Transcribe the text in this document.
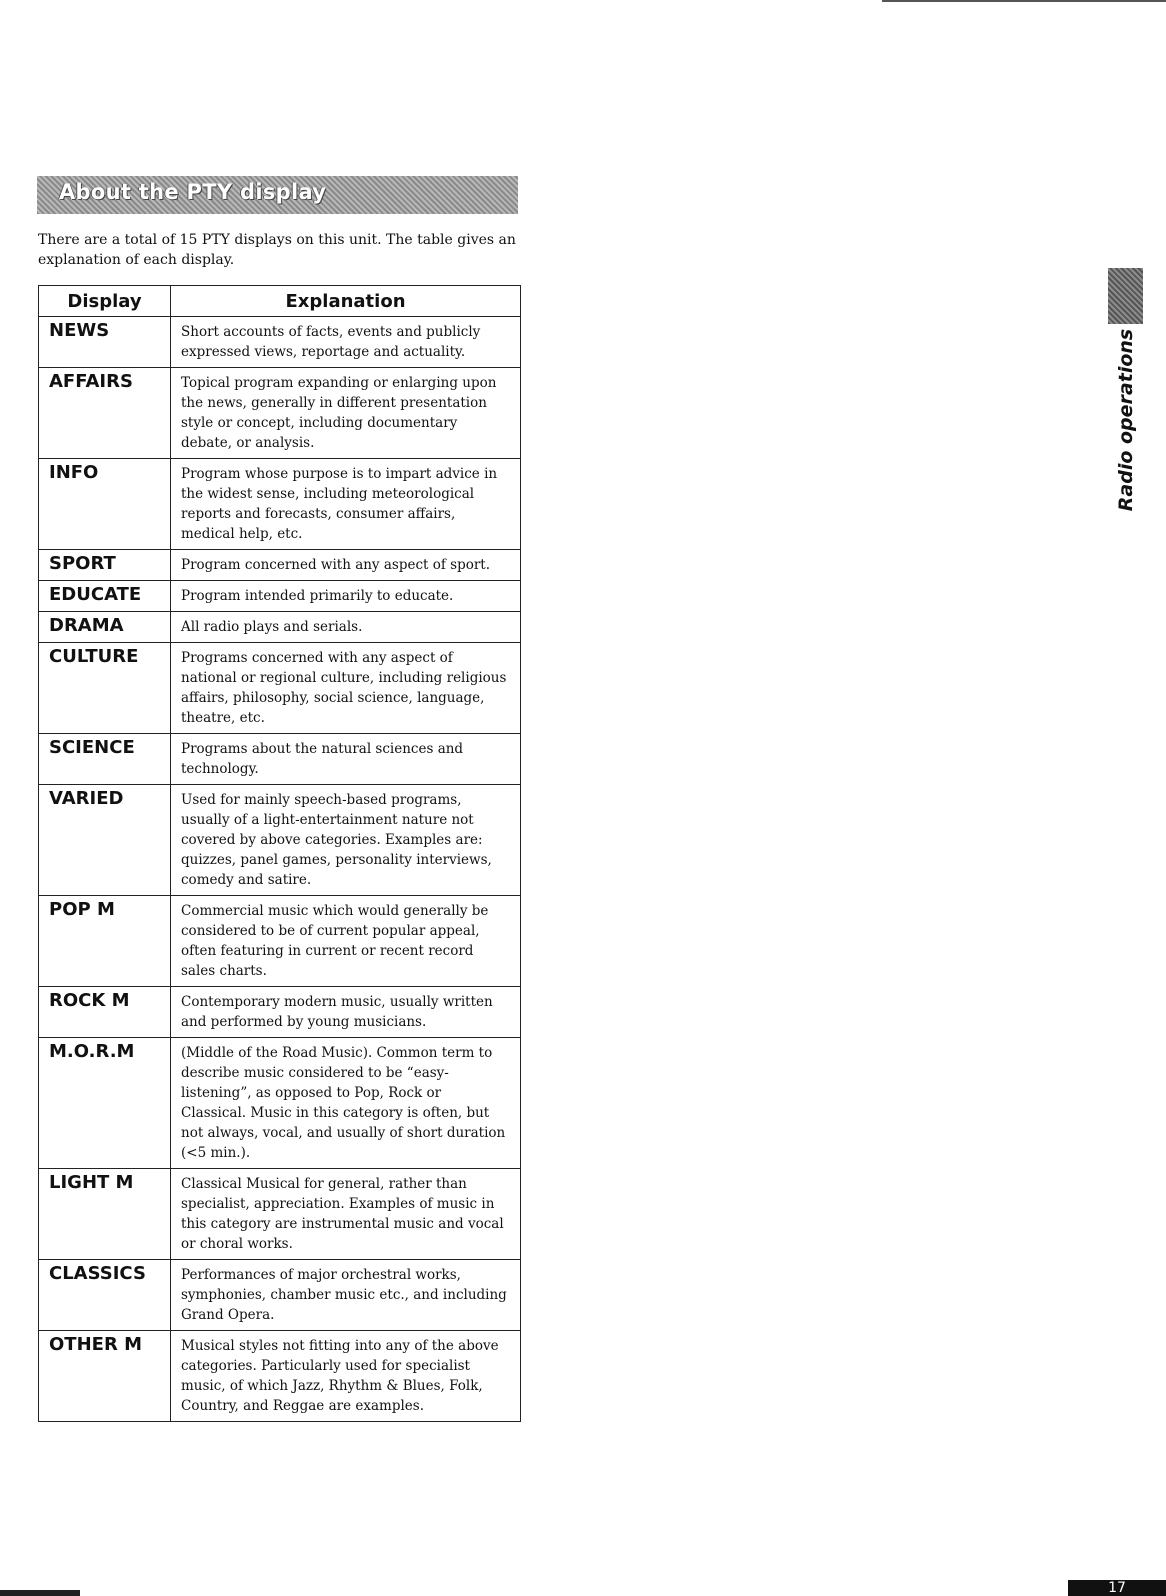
About the PTY display

There are a total of 15 PTY displays on this unit. The table gives an explanation of each display.

Display	Explanation
NEWS	Short accounts of facts, events and publicly expressed views, reportage and actuality.
AFFAIRS	Topical program expanding or enlarging upon the news, generally in different presentation style or concept, including documentary debate, or analysis.
INFO	Program whose purpose is to impart advice in the widest sense, including meteorological reports and forecasts, consumer affairs, medical help, etc.
SPORT	Program concerned with any aspect of sport.
EDUCATE	Program intended primarily to educate.
DRAMA	All radio plays and serials.
CULTURE	Programs concerned with any aspect of national or regional culture, including religious affairs, philosophy, social science, language, theatre, etc.
SCIENCE	Programs about the natural sciences and technology.
VARIED	Used for mainly speech-based programs, usually of a light-entertainment nature not covered by above categories. Examples are: quizzes, panel games, personality interviews, comedy and satire.
POP M	Commercial music which would generally be considered to be of current popular appeal, often featuring in current or recent record sales charts.
ROCK M	Contemporary modern music, usually written and performed by young musicians.
M.O.R.M	(Middle of the Road Music). Common term to describe music considered to be “easy-listening”, as opposed to Pop, Rock or Classical. Music in this category is often, but not always, vocal, and usually of short duration (<5 min.).
LIGHT M	Classical Musical for general, rather than specialist, appreciation. Examples of music in this category are instrumental music and vocal or choral works.
CLASSICS	Performances of major orchestral works, symphonies, chamber music etc., and including Grand Opera.
OTHER M	Musical styles not fitting into any of the above categories. Particularly used for specialist music, of which Jazz, Rhythm & Blues, Folk, Country, and Reggae are examples.
Radio operations
17
